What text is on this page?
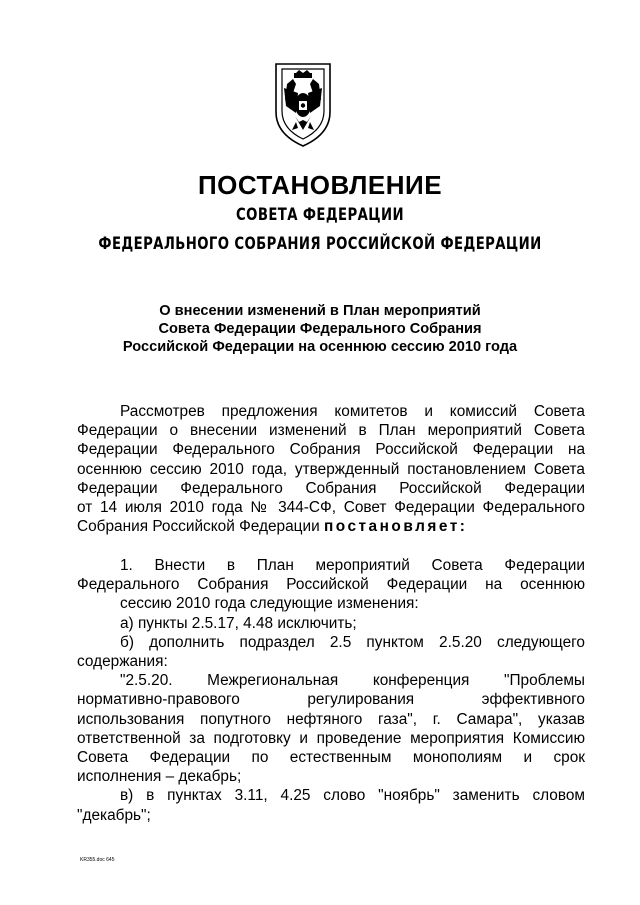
ПОСТАНОВЛЕНИЕ
СОВЕТА ФЕДЕРАЦИИ
ФЕДЕРАЛЬНОГО СОБРАНИЯ РОССИЙСКОЙ ФЕДЕРАЦИИ
О внесении изменений в План мероприятий
Совета Федерации Федерального Собрания
Российской Федерации на осеннюю сессию 2010 года
Рассмотрев предложения комитетов и комиссий Совета
Федерации о внесении изменений в План мероприятий Совета
Федерации Федерального Собрания Российской Федерации на
осеннюю сессию 2010 года, утвержденный постановлением Совета
Федерации Федерального Собрания Российской Федерации
от 14 июля 2010 года № 344-СФ, Совет Федерации Федерального
Собрания Российской Федерации постановляет:
1. Внести в План мероприятий Совета Федерации
Федерального Собрания Российской Федерации на осеннюю
сессию 2010 года следующие изменения:
а) пункты 2.5.17, 4.48 исключить;
б) дополнить подраздел 2.5 пунктом 2.5.20 следующего
содержания:
"2.5.20. Межрегиональная конференция "Проблемы
нормативно-правового регулирования эффективного
использования попутного нефтяного газа", г. Самара", указав
ответственной за подготовку и проведение мероприятия Комиссию
Совета Федерации по естественным монополиям и срок
исполнения – декабрь;
в) в пунктах 3.11, 4.25 слово "ноябрь" заменить словом
"декабрь";
KR355.doc 645
